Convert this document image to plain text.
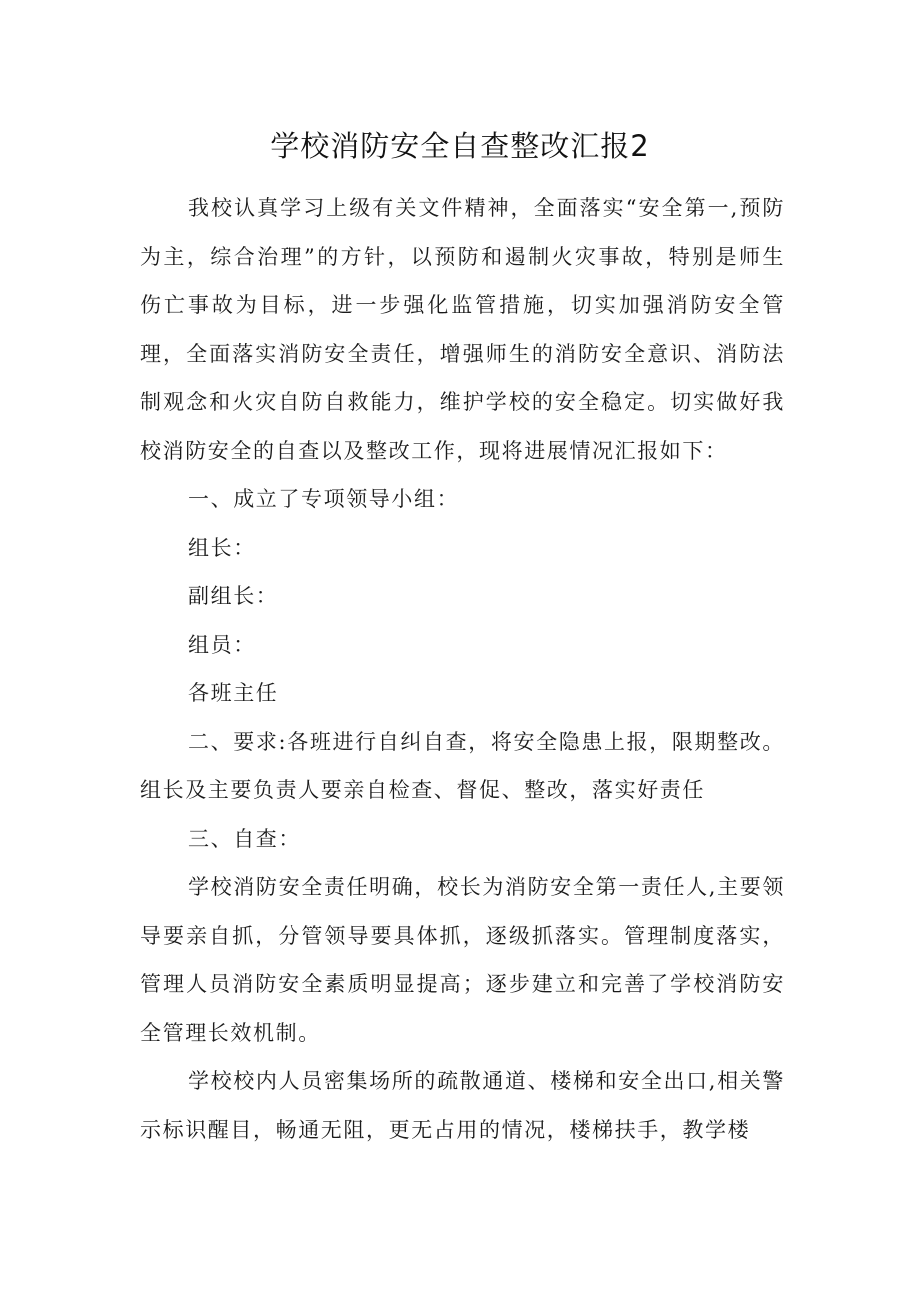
学校消防安全自查整改汇报2

我校认真学习上级有关文件精神，全面落实“安全第一,预防为主，综合治理”的方针，以预防和遏制火灾事故，特别是师生伤亡事故为目标，进一步强化监管措施，切实加强消防安全管理，全面落实消防安全责任，增强师生的消防安全意识、消防法制观念和火灾自防自救能力，维护学校的安全稳定。切实做好我校消防安全的自查以及整改工作，现将进展情况汇报如下：

一、成立了专项领导小组：

组长：

副组长：

组员：

各班主任

二、要求:各班进行自纠自查，将安全隐患上报，限期整改。组长及主要负责人要亲自检查、督促、整改，落实好责任

三、自查：

学校消防安全责任明确，校长为消防安全第一责任人,主要领导要亲自抓，分管领导要具体抓，逐级抓落实。管理制度落实，管理人员消防安全素质明显提高；逐步建立和完善了学校消防安全管理长效机制。

学校校内人员密集场所的疏散通道、楼梯和安全出口,相关警示标识醒目，畅通无阻，更无占用的情况，楼梯扶手，教学楼
